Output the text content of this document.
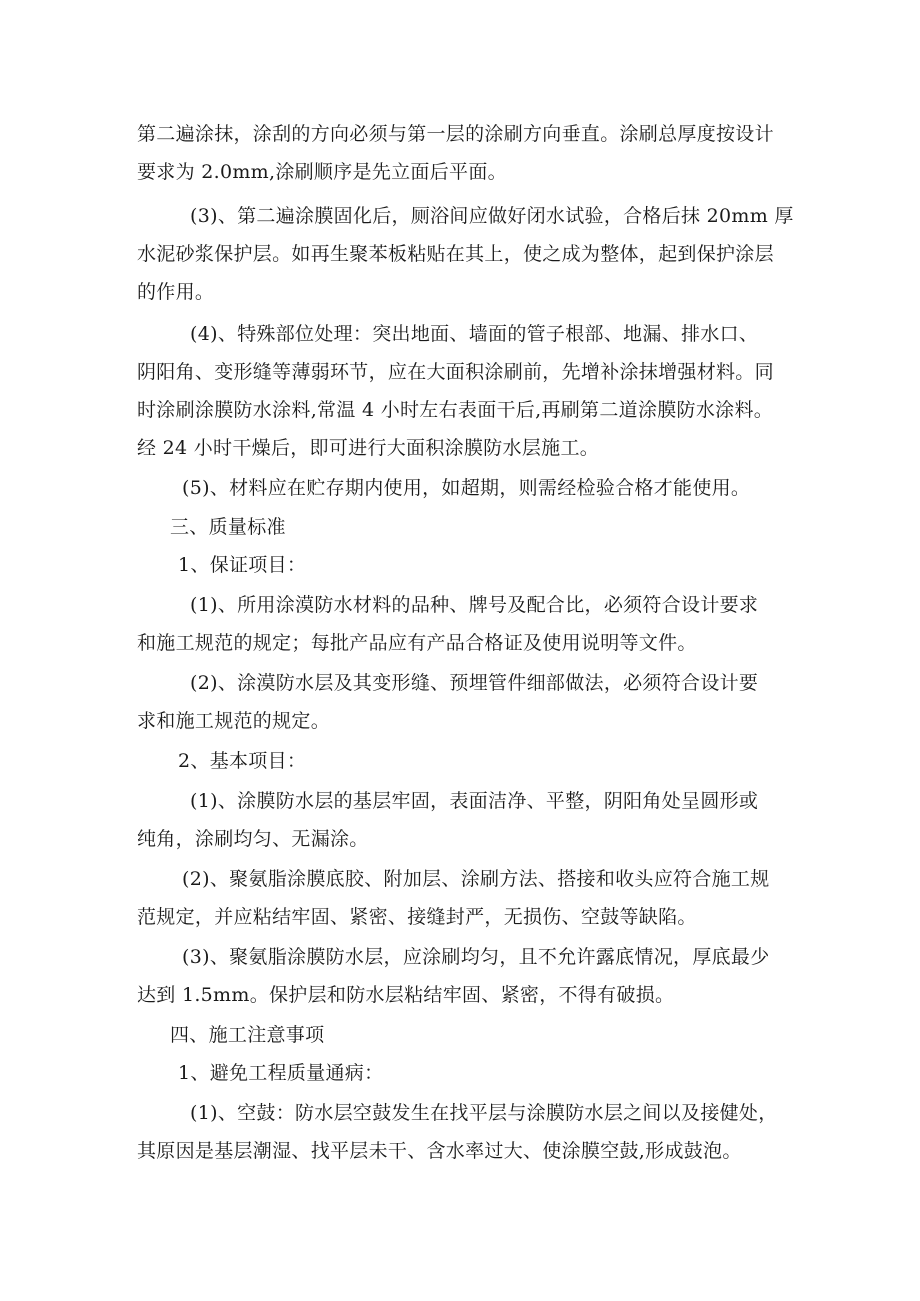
第二遍涂抹，涂刮的方向必须与第一层的涂刷方向垂直。涂刷总厚度按设计
要求为 2.0mm,涂刷顺序是先立面后平面。
(3)、第二遍涂膜固化后，厕浴间应做好闭水试验，合格后抹 20mm 厚
水泥砂浆保护层。如再生聚苯板粘贴在其上，使之成为整体，起到保护涂层
的作用。
(4)、特殊部位处理：突出地面、墙面的管子根部、地漏、排水口、
阴阳角、变形缝等薄弱环节，应在大面积涂刷前，先增补涂抹增强材料。同
时涂刷涂膜防水涂料,常温 4 小时左右表面干后,再刷第二道涂膜防水涂料。
经 24 小时干燥后，即可进行大面积涂膜防水层施工。
(5)、材料应在贮存期内使用，如超期，则需经检验合格才能使用。
三、质量标准
1、保证项目：
(1)、所用涂漠防水材料的品种、牌号及配合比，必须符合设计要求
和施工规范的规定；每批产品应有产品合格证及使用说明等文件。
(2)、涂漠防水层及其变形缝、预埋管件细部做法，必须符合设计要
求和施工规范的规定。
2、基本项目：
(1)、涂膜防水层的基层牢固，表面洁净、平整，阴阳角处呈圆形或
纯角，涂刷均匀、无漏涂。
(2)、聚氨脂涂膜底胶、附加层、涂刷方法、搭接和收头应符合施工规
范规定，并应粘结牢固、紧密、接缝封严，无损伤、空鼓等缺陷。
(3)、聚氨脂涂膜防水层，应涂刷均匀，且不允许露底情况，厚底最少
达到 1.5mm。保护层和防水层粘结牢固、紧密，不得有破损。
四、施工注意事项
1、避免工程质量通病：
(1)、空鼓：防水层空鼓发生在找平层与涂膜防水层之间以及接健处，
其原因是基层潮湿、找平层未干、含水率过大、使涂膜空鼓,形成鼓泡。
